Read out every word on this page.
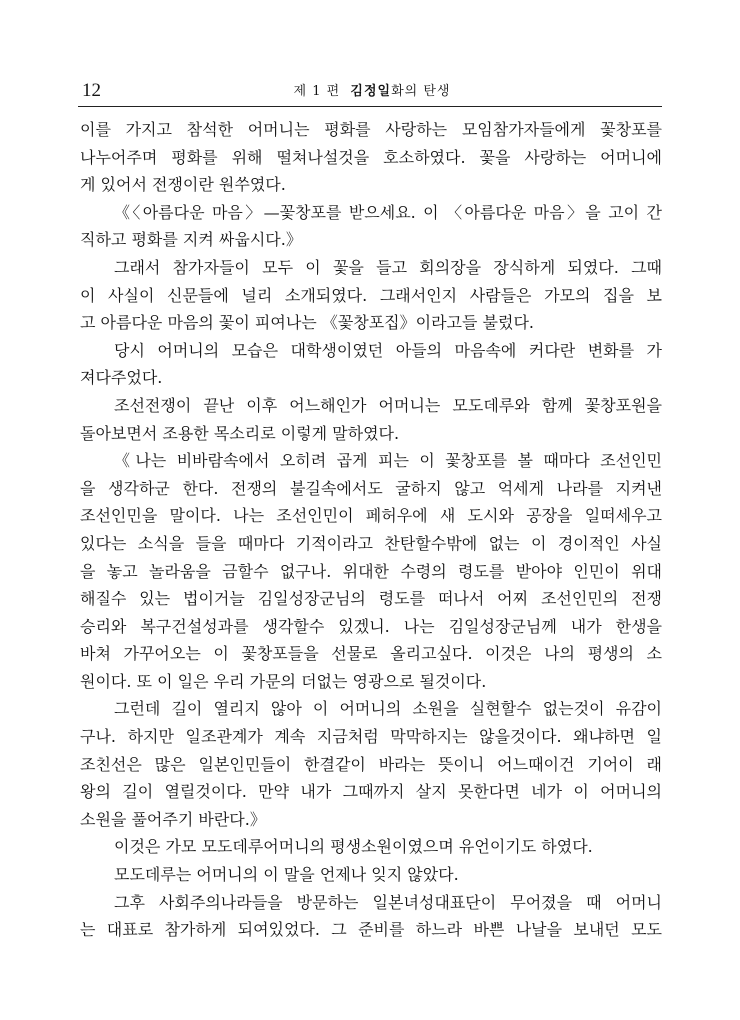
12	제 1 편 김정일화의 탄생
이를 가지고 참석한 어머니는 평화를 사랑하는 모임참가자들에게 꽃창포를
나누어주며 평화를 위해 떨쳐나설것을 호소하였다. 꽃을 사랑하는 어머니에
게 있어서 전쟁이란 원쑤였다.
《〈아름다운 마음〉—꽃창포를 받으세요. 이 〈아름다운 마음〉을 고이 간
직하고 평화를 지켜 싸웁시다.》
그래서 참가자들이 모두 이 꽃을 들고 회의장을 장식하게 되였다. 그때
이 사실이 신문들에 널리 소개되였다. 그래서인지 사람들은 가모의 집을 보
고 아름다운 마음의 꽃이 피여나는 《꽃창포집》이라고들 불렀다.
당시 어머니의 모습은 대학생이였던 아들의 마음속에 커다란 변화를 가
져다주었다.
조선전쟁이 끝난 이후 어느해인가 어머니는 모도데루와 함께 꽃창포원을
돌아보면서 조용한 목소리로 이렇게 말하였다.
《나는 비바람속에서 오히려 곱게 피는 이 꽃창포를 볼 때마다 조선인민
을 생각하군 한다. 전쟁의 불길속에서도 굴하지 않고 억세게 나라를 지켜낸
조선인민을 말이다. 나는 조선인민이 페허우에 새 도시와 공장을 일떠세우고
있다는 소식을 들을 때마다 기적이라고 찬탄할수밖에 없는 이 경이적인 사실
을 놓고 놀라움을 금할수 없구나. 위대한 수령의 령도를 받아야 인민이 위대
해질수 있는 법이거늘 김일성장군님의 령도를 떠나서 어찌 조선인민의 전쟁
승리와 복구건설성과를 생각할수 있겠니. 나는 김일성장군님께 내가 한생을
바쳐 가꾸어오는 이 꽃창포들을 선물로 올리고싶다. 이것은 나의 평생의 소
원이다. 또 이 일은 우리 가문의 더없는 영광으로 될것이다.
그런데 길이 열리지 않아 이 어머니의 소원을 실현할수 없는것이 유감이
구나. 하지만 일조관계가 계속 지금처럼 막막하지는 않을것이다. 왜냐하면 일
조친선은 많은 일본인민들이 한결같이 바라는 뜻이니 어느때이건 기어이 래
왕의 길이 열릴것이다. 만약 내가 그때까지 살지 못한다면 네가 이 어머니의
소원을 풀어주기 바란다.》
이것은 가모 모도데루어머니의 평생소원이였으며 유언이기도 하였다.
모도데루는 어머니의 이 말을 언제나 잊지 않았다.
그후 사회주의나라들을 방문하는 일본녀성대표단이 무어졌을 때 어머니
는 대표로 참가하게 되여있었다. 그 준비를 하느라 바쁜 나날을 보내던 모도
